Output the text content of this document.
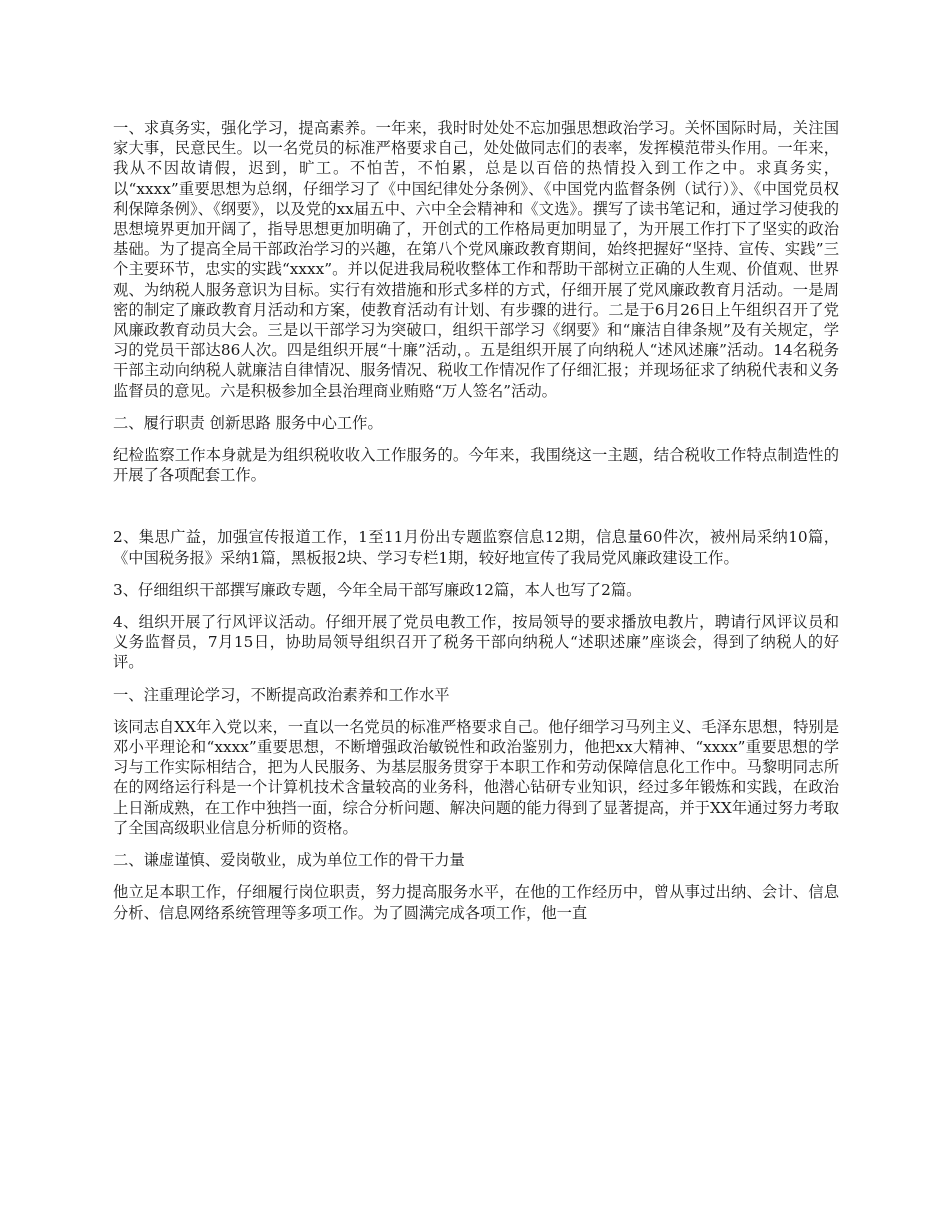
一、求真务实，强化学习，提高素养。一年来，我时时处处不忘加强思想政治学习。关怀国际时局，关注国家大事，民意民生。以一名党员的标准严格要求自己，处处做同志们的表率，发挥模范带头作用。一年来，我从不因故请假，迟到，旷工。不怕苦，不怕累，总是以百倍的热情投入到工作之中。求真务实，以“xxxx”重要思想为总纲，仔细学习了《中国纪律处分条例》、《中国党内监督条例（试行）》、《中国党员权利保障条例》、《纲要》，以及党的xx届五中、六中全会精神和《文选》。撰写了读书笔记和，通过学习使我的思想境界更加开阔了，指导思想更加明确了，开创式的工作格局更加明显了，为开展工作打下了坚实的政治基础。为了提高全局干部政治学习的兴趣，在第八个党风廉政教育期间，始终把握好“坚持、宣传、实践”三个主要环节，忠实的实践“xxxx”。并以促进我局税收整体工作和帮助干部树立正确的人生观、价值观、世界观、为纳税人服务意识为目标。实行有效措施和形式多样的方式，仔细开展了党风廉政教育月活动。一是周密的制定了廉政教育月活动和方案，使教育活动有计划、有步骤的进行。二是于6月26日上午组织召开了党风廉政教育动员大会。三是以干部学习为突破口，组织干部学习《纲要》和“廉洁自律条规”及有关规定，学习的党员干部达86人次。四是组织开展“十廉”活动，。五是组织开展了向纳税人“述风述廉”活动。14名税务干部主动向纳税人就廉洁自律情况、服务情况、税收工作情况作了仔细汇报；并现场征求了纳税代表和义务监督员的意见。六是积极参加全县治理商业贿赂“万人签名”活动。

二、履行职责 创新思路 服务中心工作。

纪检监察工作本身就是为组织税收收入工作服务的。今年来，我围绕这一主题，结合税收工作特点制造性的开展了各项配套工作。

2、集思广益，加强宣传报道工作，1至11月份出专题监察信息12期，信息量60件次，被州局采纳10篇，《中国税务报》采纳1篇，黑板报2块、学习专栏1期，较好地宣传了我局党风廉政建设工作。

3、仔细组织干部撰写廉政专题，今年全局干部写廉政12篇，本人也写了2篇。

4、组织开展了行风评议活动。仔细开展了党员电教工作，按局领导的要求播放电教片，聘请行风评议员和义务监督员，7月15日，协助局领导组织召开了税务干部向纳税人“述职述廉”座谈会，得到了纳税人的好评。

一、注重理论学习，不断提高政治素养和工作水平

该同志自XX年入党以来，一直以一名党员的标准严格要求自己。他仔细学习马列主义、毛泽东思想，特别是邓小平理论和“xxxx”重要思想，不断增强政治敏锐性和政治鉴别力，他把xx大精神、“xxxx”重要思想的学习与工作实际相结合，把为人民服务、为基层服务贯穿于本职工作和劳动保障信息化工作中。马黎明同志所在的网络运行科是一个计算机技术含量较高的业务科，他潜心钻研专业知识，经过多年锻炼和实践，在政治上日渐成熟，在工作中独挡一面，综合分析问题、解决问题的能力得到了显著提高，并于XX年通过努力考取了全国高级职业信息分析师的资格。

二、谦虚谨慎、爱岗敬业，成为单位工作的骨干力量

他立足本职工作，仔细履行岗位职责，努力提高服务水平，在他的工作经历中，曾从事过出纳、会计、信息分析、信息网络系统管理等多项工作。为了圆满完成各项工作，他一直
